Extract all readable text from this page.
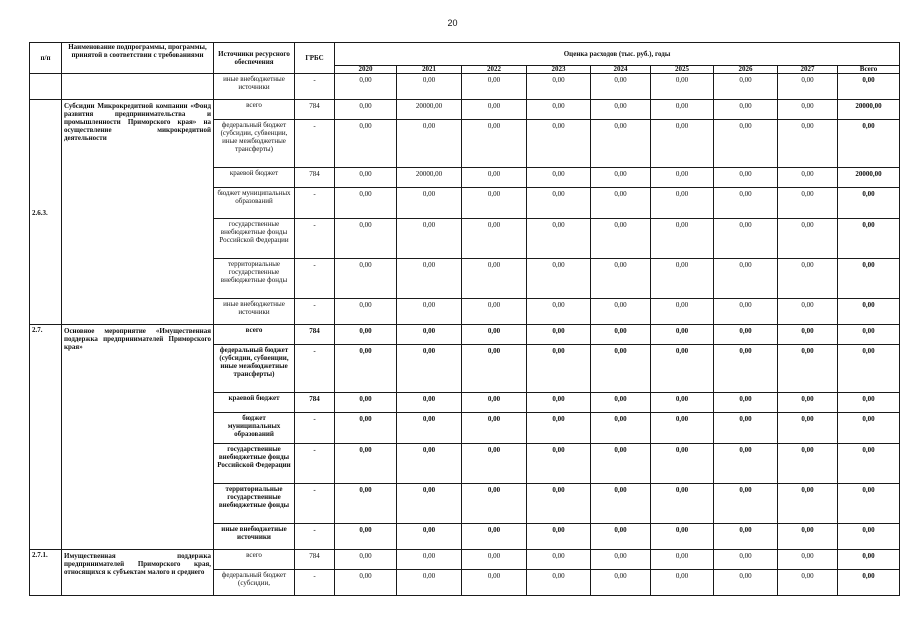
20
п/п	Наименование подпрограммы, программы, принятой в соответствии с требованиями	Источники ресурсного обеспечения	ГРБС	Оценка расходов (тыс. руб.), годы								
				2020	2021	2022	2023	2024	2025	2026	2027	Всего
		иные внебюджетные источники	-	0,00	0,00	0,00	0,00	0,00	0,00	0,00	0,00	0,00
2.6.3.	Субсидии Микрокредитной компании «Фонд развития предпринимательства и промышленности Приморского края» на осуществление микрокредитной деятельности	всего	784	0,00	20000,00	0,00	0,00	0,00	0,00	0,00	0,00	20000,00
		федеральный бюджет (субсидии, субвенции, иные межбюджетные трансферты)	-	0,00	0,00	0,00	0,00	0,00	0,00	0,00	0,00	0,00
		краевой бюджет	784	0,00	20000,00	0,00	0,00	0,00	0,00	0,00	0,00	20000,00
		бюджет муниципальных образований	-	0,00	0,00	0,00	0,00	0,00	0,00	0,00	0,00	0,00
		государственные внебюджетные фонды Российской Федерации	-	0,00	0,00	0,00	0,00	0,00	0,00	0,00	0,00	0,00
		территориальные государственные внебюджетные фонды	-	0,00	0,00	0,00	0,00	0,00	0,00	0,00	0,00	0,00
		иные внебюджетные источники	-	0,00	0,00	0,00	0,00	0,00	0,00	0,00	0,00	0,00
2.7.	Основное мероприятие «Имущественная поддержка предпринимателей Приморского края»	всего	784	0,00	0,00	0,00	0,00	0,00	0,00	0,00	0,00	0,00
		федеральный бюджет (субсидии, субвенции, иные межбюджетные трансферты)	-	0,00	0,00	0,00	0,00	0,00	0,00	0,00	0,00	0,00
		краевой бюджет	784	0,00	0,00	0,00	0,00	0,00	0,00	0,00	0,00	0,00
		бюджет муниципальных образований	-	0,00	0,00	0,00	0,00	0,00	0,00	0,00	0,00	0,00
		государственные внебюджетные фонды Российской Федерации	-	0,00	0,00	0,00	0,00	0,00	0,00	0,00	0,00	0,00
		территориальные государственные внебюджетные фонды	-	0,00	0,00	0,00	0,00	0,00	0,00	0,00	0,00	0,00
		иные внебюджетные источники	-	0,00	0,00	0,00	0,00	0,00	0,00	0,00	0,00	0,00
2.7.1.	Имущественная поддержка предпринимателей Приморского края, относящихся к субъектам малого и среднего	всего	784	0,00	0,00	0,00	0,00	0,00	0,00	0,00	0,00	0,00
		федеральный бюджет (субсидии,	-	0,00	0,00	0,00	0,00	0,00	0,00	0,00	0,00	0,00
